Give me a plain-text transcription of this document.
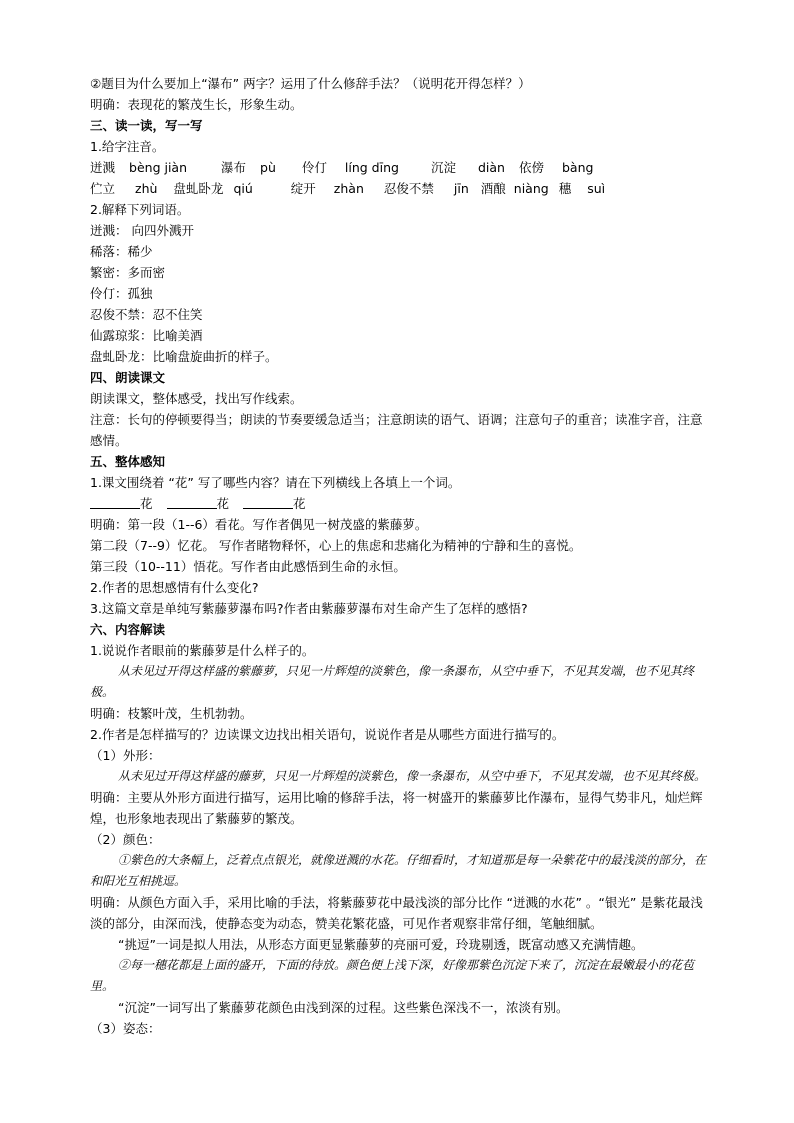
②题目为什么要加上“瀑布” 两字？运用了什么修辞手法？（说明花开得怎样？）

明确：表现花的繁茂生长，形象生动。

三、读一读，写一写

1.给字注音。

迸溅 bèng jiàn	瀑布 pù 伶仃 líng dīng	沉淀 diàn 依傍 bàng

伫立 zhù 盘虬卧龙 qiú	绽开 zhàn 忍俊不禁 jīn 酒酿 niàng 穗 suì

2.解释下列词语。

迸溅： 向四外溅开

稀落：稀少

繁密：多而密

伶仃：孤独

忍俊不禁：忍不住笑

仙露琼浆：比喻美酒

盘虬卧龙：比喻盘旋曲折的样子。

四、朗读课文

朗读课文，整体感受，找出写作线索。

注意：长句的停顿要得当；朗读的节奏要缓急适当；注意朗读的语气、语调；注意句子的重音；读准字音，注意感情。

五、整体感知

1.课文围绕着 “花” 写了哪些内容？请在下列横线上各填上一个词。

花	花	花

明确：第一段（1--6）看花。写作者偶见一树茂盛的紫藤萝。

第二段（7--9）忆花。 写作者睹物释怀，心上的焦虑和悲痛化为精神的宁静和生的喜悦。

第三段（10--11）悟花。写作者由此感悟到生命的永恒。

2.作者的思想感情有什么变化?

3.这篇文章是单纯写紫藤萝瀑布吗?作者由紫藤萝瀑布对生命产生了怎样的感悟?

六、内容解读

1.说说作者眼前的紫藤萝是什么样子的。

从未见过开得这样盛的紫藤萝，只见一片辉煌的淡紫色，像一条瀑布，从空中垂下，不见其发端，也不见其终极。

明确：枝繁叶茂，生机勃勃。

2.作者是怎样描写的？边读课文边找出相关语句，说说作者是从哪些方面进行描写的。

（1）外形：

从未见过开得这样盛的藤萝，只见一片辉煌的淡紫色，像一条瀑布，从空中垂下，不见其发端，也不见其终极。

明确：主要从外形方面进行描写，运用比喻的修辞手法，将一树盛开的紫藤萝比作瀑布，显得气势非凡，灿烂辉煌，也形象地表现出了紫藤萝的繁茂。

（2）颜色：

①紫色的大条幅上，泛着点点银光，就像迸溅的水花。仔细看时，才知道那是每一朵紫花中的最浅淡的部分，在和阳光互相挑逗。

明确：从颜色方面入手，采用比喻的手法，将紫藤萝花中最浅淡的部分比作 “迸溅的水花” 。“银光” 是紫花最浅淡的部分，由深而浅，使静态变为动态，赞美花繁花盛，可见作者观察非常仔细，笔触细腻。

“挑逗”一词是拟人用法，从形态方面更显紫藤萝的亮丽可爱，玲珑剔透，既富动感又充满情趣。

②每一穗花都是上面的盛开，下面的待放。颜色便上浅下深，好像那紫色沉淀下来了，沉淀在最嫩最小的花苞里。

“沉淀”一词写出了紫藤萝花颜色由浅到深的过程。这些紫色深浅不一，浓淡有别。

（3）姿态：
